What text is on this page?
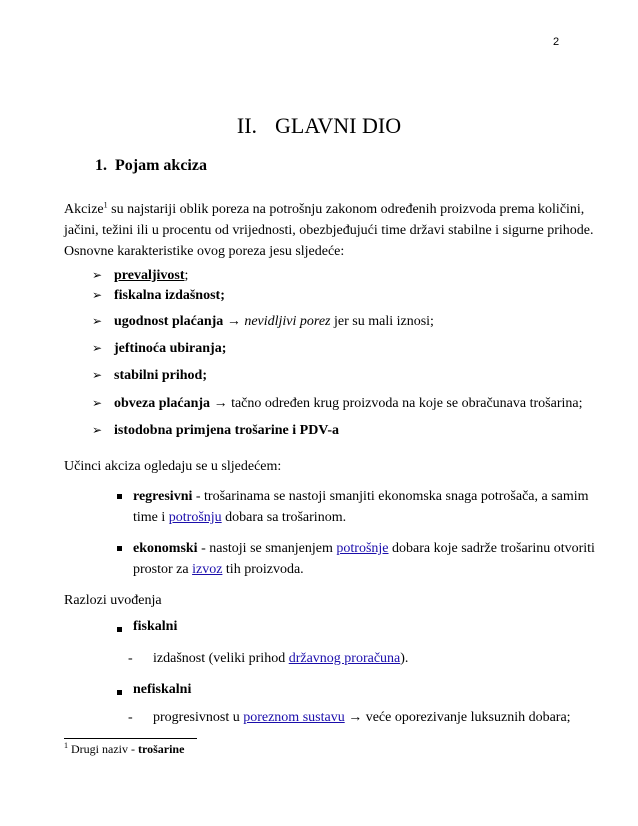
2
II. GLAVNI DIO
1. Pojam akciza
Akcize$^1$ su najstariji oblik poreza na potrošnju zakonom određenih proizvoda prema količini,
jačini, težini ili u procentu od vrijednosti, obezbjeđujući time državi stabilne i sigurne prihode.
Osnovne karakteristike ovog poreza jesu sljedeće:
➢ prevaljivost;
➢ fiskalna izdašnost;
➢ ugodnost plaćanja → nevidljivi porez jer su mali iznosi;
➢ jeftinoća ubiranja;
➢ stabilni prihod;
➢ obveza plaćanja → tačno određen krug proizvoda na koje se obračunava trošarina;
➢ istodobna primjena trošarine i PDV-a
Učinci akciza ogledaju se u sljedećem:
regresivni - trošarinama se nastoji smanjiti ekonomska snaga potrošača, a samim
time i potrošnju dobara sa trošarinom.
ekonomski - nastoji se smanjenjem potrošnje dobara koje sadrže trošarinu otvoriti
prostor za izvoz tih proizvoda.
Razlozi uvođenja
fiskalni
- izdašnost (veliki prihod državnog proračuna).
nefiskalni
- progresivnost u poreznom sustavu → veće oporezivanje luksuznih dobara;
$^1$ Drugi naziv - trošarine
